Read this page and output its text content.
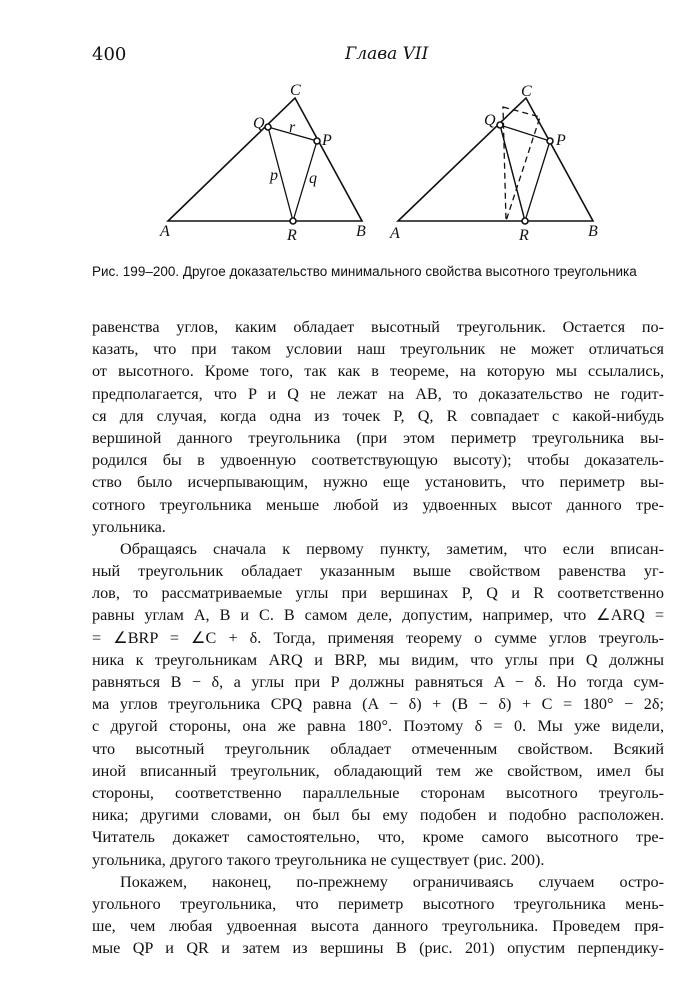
400	Глава VII
A	B
C
P
Q
R
p q
r
A	B
C
P
Q
R
Рис. 199–200. Другое доказательство минимального свойства высотного треугольника
равенства углов, каким обладает высотный треугольник. Остается по-
казать, что при таком условии наш треугольник не может отличаться
от высотного. Кроме того, так как в теореме, на которую мы ссылались,
предполагается, что P и Q не лежат на AB, то доказательство не годит-
ся для случая, когда одна из точек P, Q, R совпадает с какой-нибудь
вершиной данного треугольника (при этом периметр треугольника вы-
родился бы в удвоенную соответствующую высоту); чтобы доказатель-
ство было исчерпывающим, нужно еще установить, что периметр вы-
сотного треугольника меньше любой из удвоенных высот данного тре-
угольника.
Обращаясь сначала к первому пункту, заметим, что если вписан-
ный треугольник обладает указанным выше свойством равенства уг-
лов, то рассматриваемые углы при вершинах P, Q и R соответственно
равны углам A, B и C. В самом деле, допустим, например, что ∠ARQ =
= ∠BRP = ∠C + δ. Тогда, применяя теорему о сумме углов треуголь-
ника к треугольникам ARQ и BRP, мы видим, что углы при Q должны
равняться B − δ, а углы при P должны равняться A − δ. Но тогда сум-
ма углов треугольника CPQ равна (A − δ) + (B − δ) + C = 180° − 2δ;
с другой стороны, она же равна 180°. Поэтому δ = 0. Мы уже видели,
что высотный треугольник обладает отмеченным свойством. Всякий
иной вписанный треугольник, обладающий тем же свойством, имел бы
стороны, соответственно параллельные сторонам высотного треуголь-
ника; другими словами, он был бы ему подобен и подобно расположен.
Читатель докажет самостоятельно, что, кроме самого высотного тре-
угольника, другого такого треугольника не существует (рис. 200).
Покажем, наконец, по-прежнему ограничиваясь случаем остро-
угольного треугольника, что периметр высотного треугольника мень-
ше, чем любая удвоенная высота данного треугольника. Проведем пря-
мые QP и QR и затем из вершины B (рис. 201) опустим перпендику-
